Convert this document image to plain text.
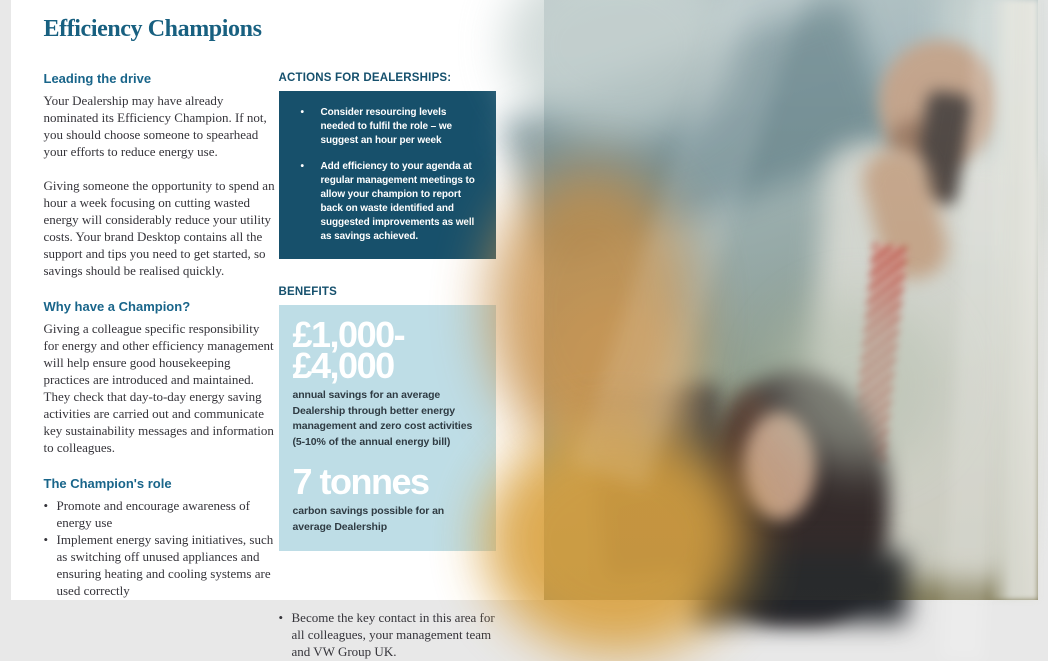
Efficiency Champions
Leading the drive

Your Dealership may have already nominated its Efficiency Champion. If not, you should choose someone to spearhead your efforts to reduce energy use.

Giving someone the opportunity to spend an hour a week focusing on cutting wasted energy will considerably reduce your utility costs. Your brand Desktop contains all the support and tips you need to get started, so savings should be realised quickly.

Why have a Champion?

Giving a colleague specific responsibility for energy and other efficiency management will help ensure good housekeeping practices are introduced and maintained. They check that day-to-day energy saving activities are carried out and communicate key sustainability messages and information to colleagues.

The Champion's role
• Promote and encourage awareness of energy use
• Implement energy saving initiatives, such as switching off unused appliances and ensuring heating and cooling systems are used correctly
ACTIONS FOR DEALERSHIPS:
•	Consider resourcing levels needed to fulfil the role – we suggest an hour per week
•	Add efficiency to your agenda at regular management meetings to allow your champion to report back on waste identified and suggested improvements as well as savings achieved.
BENEFITS
£1,000-
£4,000
annual savings for an average Dealership through better energy management and zero cost activities (5-10% of the annual energy bill)
7 tonnes
carbon savings possible for an average Dealership
• Become the key contact in this area for all colleagues, your management team and VW Group UK.
